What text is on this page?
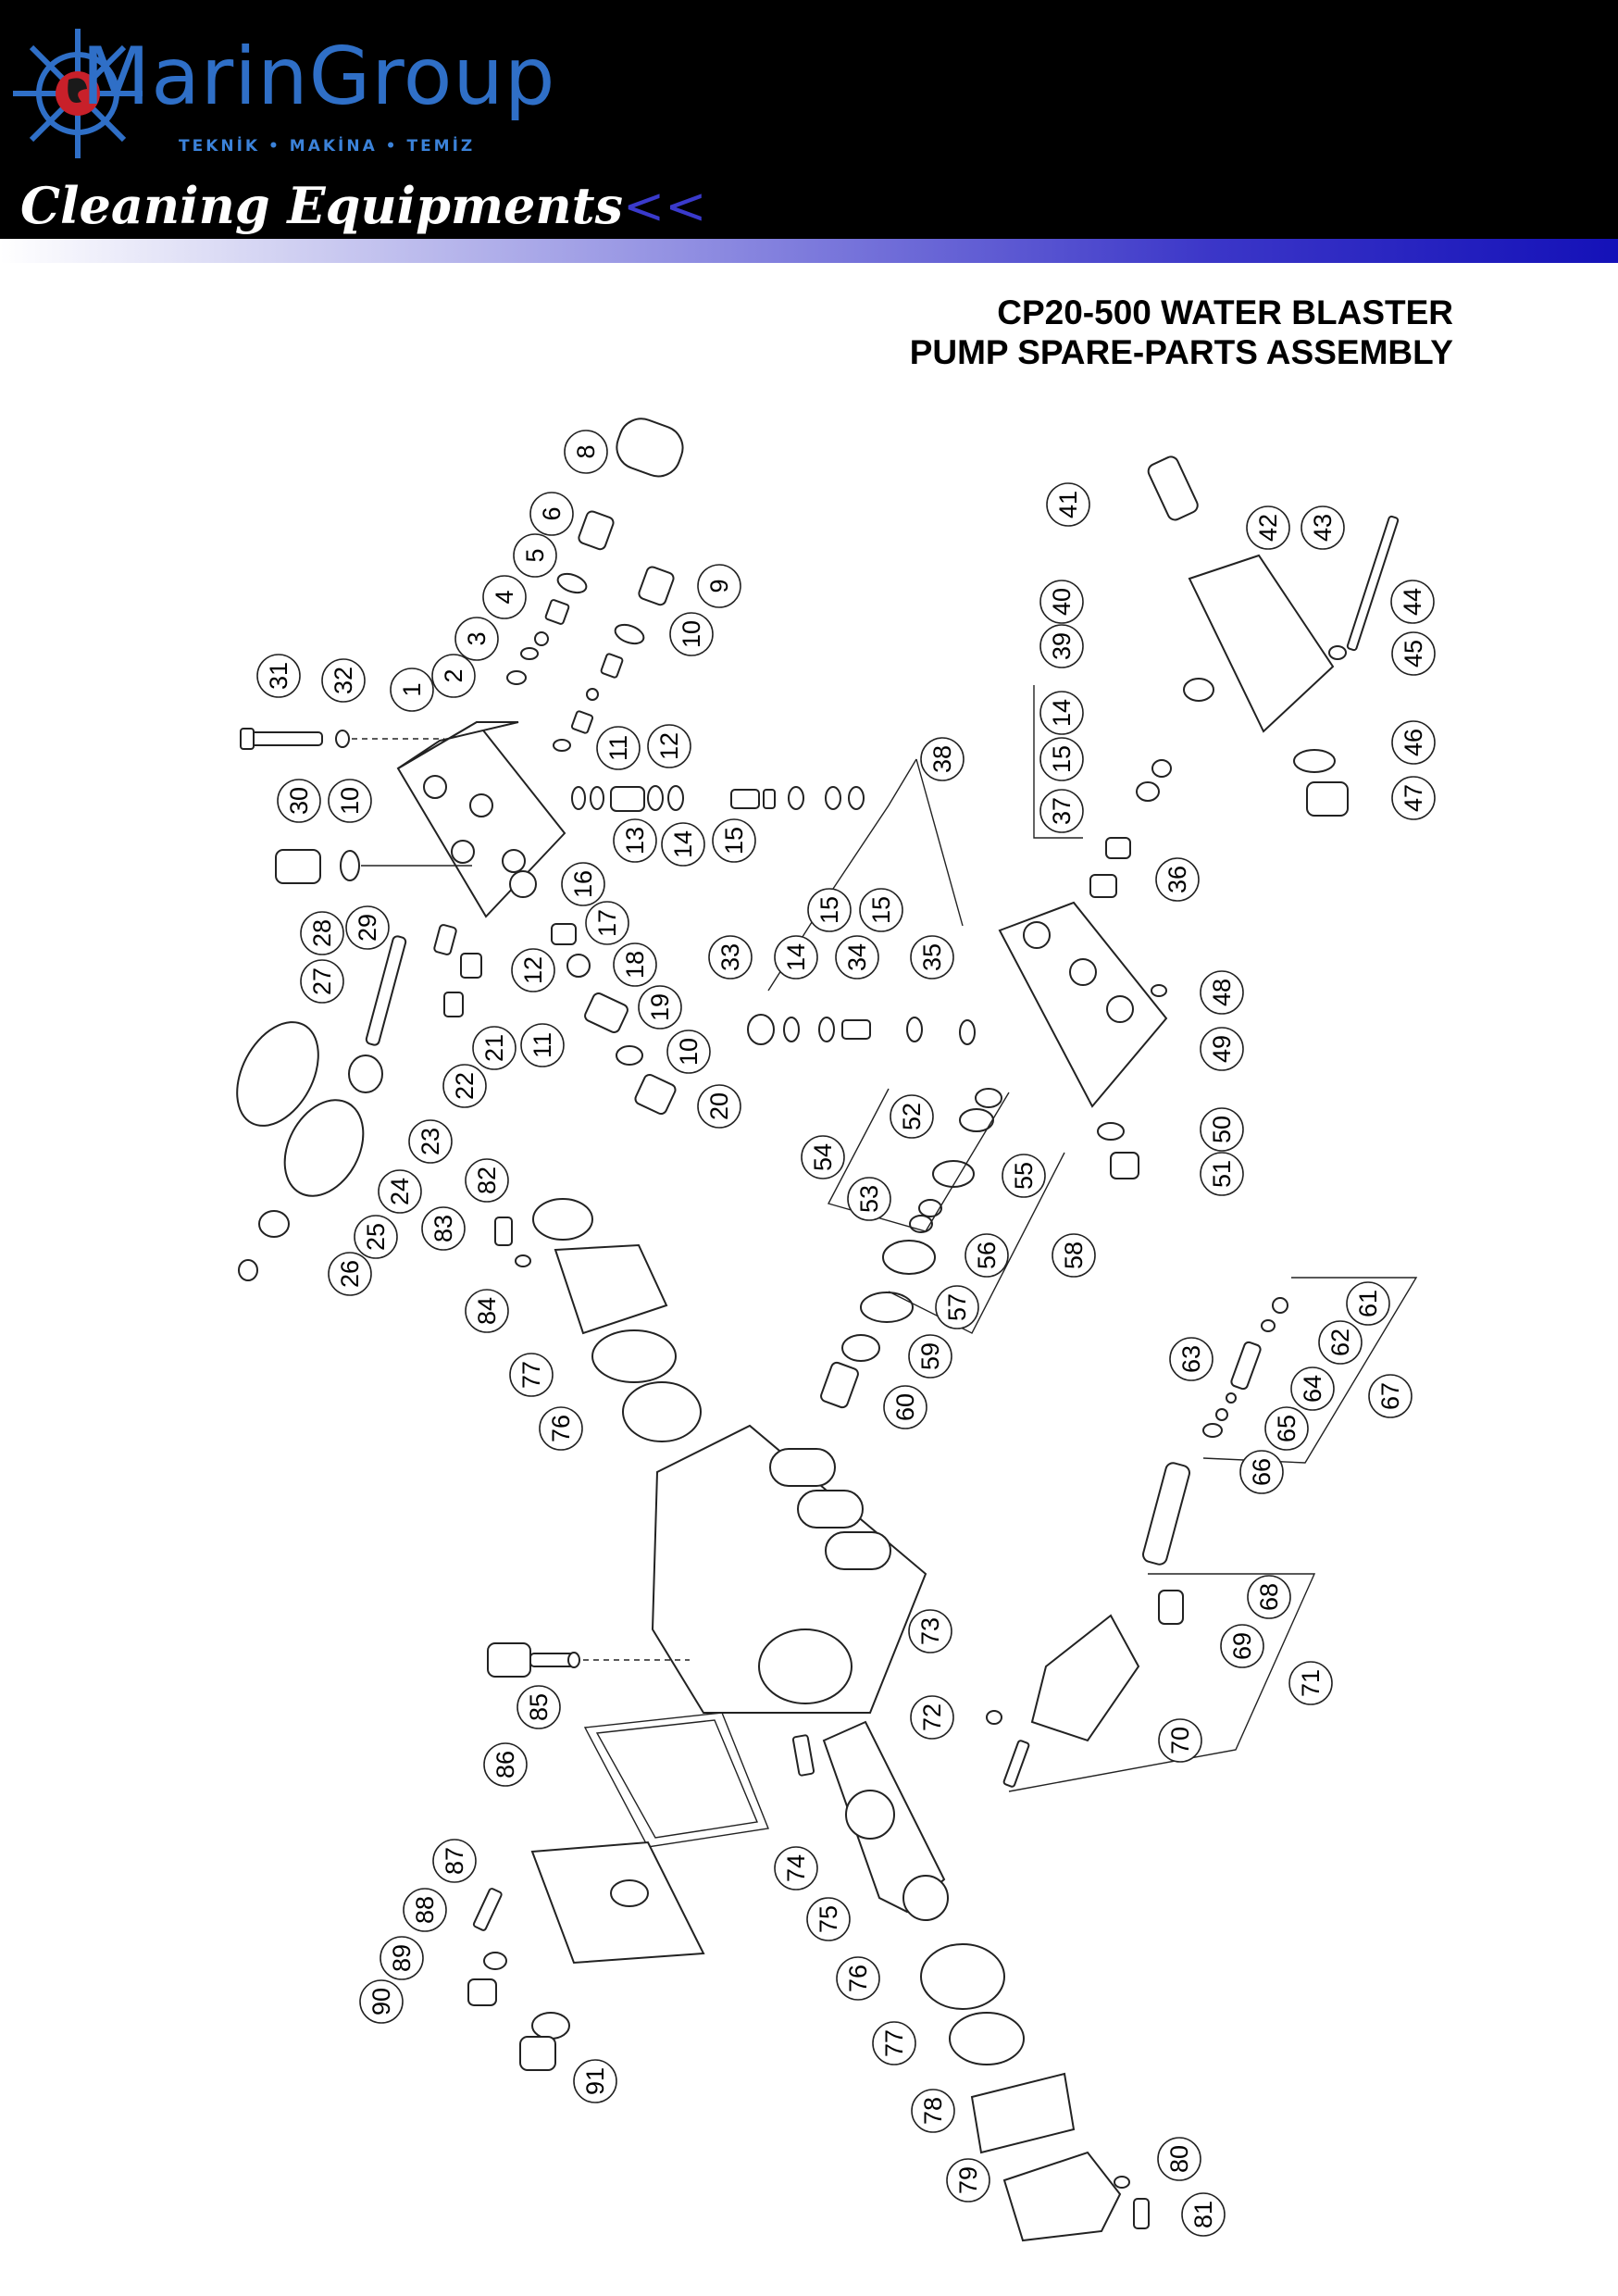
MarinGroup
TEKNİK • MAKİNA • TEMİZ
Cleaning Equipments<<
CP20-500 WATER BLASTER
PUMP SPARE-PARTS ASSEMBLY
1
2
3
4
5
6
8
9
10
11 12
13 14 15
31 32
30 10
16
17
18
19
10
20
12
11
21
22
28 29
27
23
24
25
26
41
42 43
40	44
39	45
14
15
37
46
47
38
36
33 14
15 15
34 35
48
49
52
54
55
53
50
51
56 58
57
59
60
82
83
84
77
76
61
63
62
64 67
65
66
73
68
69
71
85	72
70
86
74
87
75
88
89
90
76
77
91
78
79
80
81
